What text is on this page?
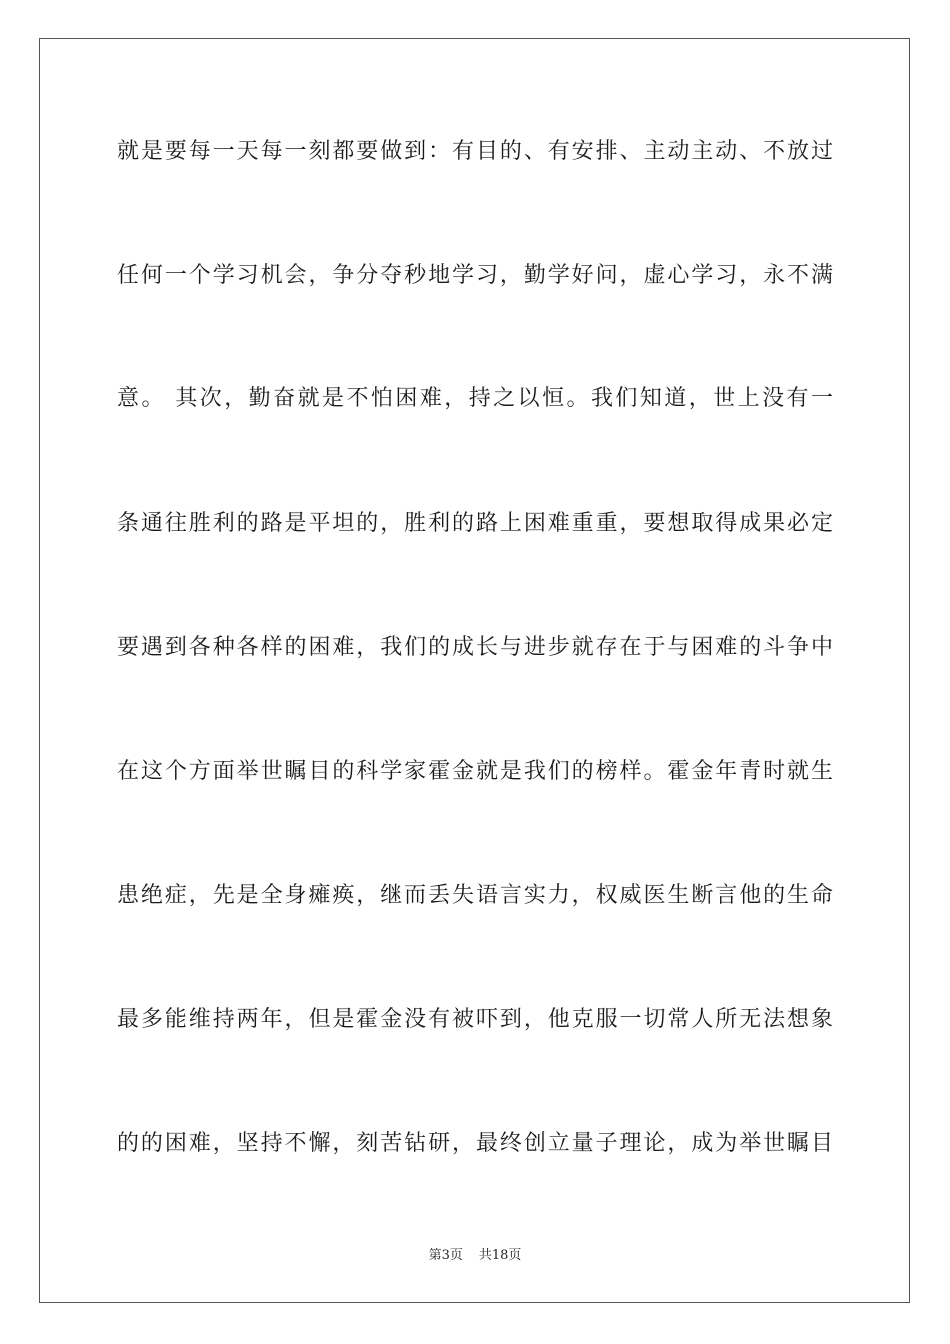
就是要每一天每一刻都要做到：有目的、有安排、主动主动、不放过
任何一个学习机会，争分夺秒地学习，勤学好问，虚心学习，永不满
意。 其次，勤奋就是不怕困难，持之以恒。我们知道，世上没有一
条通往胜利的路是平坦的，胜利的路上困难重重，要想取得成果必定
要遇到各种各样的困难，我们的成长与进步就存在于与困难的斗争中
在这个方面举世瞩目的科学家霍金就是我们的榜样。霍金年青时就生
患绝症，先是全身瘫痪，继而丢失语言实力，权威医生断言他的生命
最多能维持两年，但是霍金没有被吓到，他克服一切常人所无法想象
的的困难，坚持不懈，刻苦钻研，最终创立量子理论，成为举世瞩目
第3页 共18页
